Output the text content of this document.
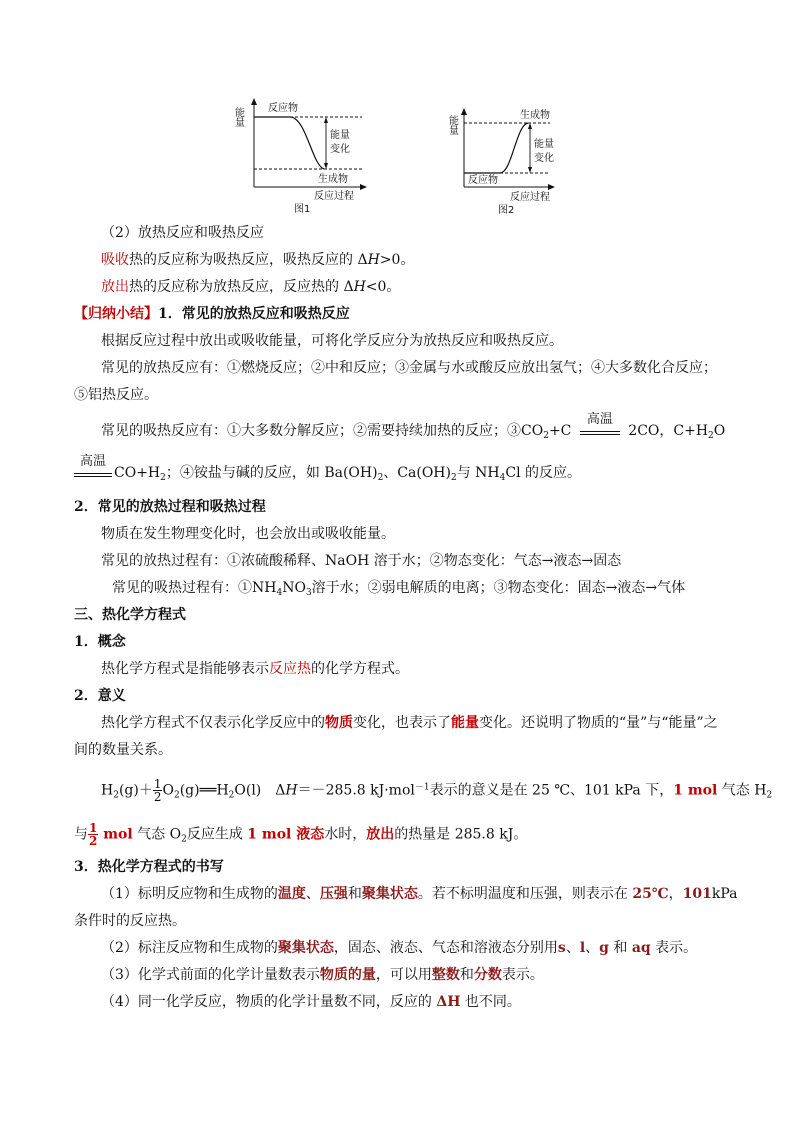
能量 反应物
能量
变化
生成物
反应过程
图1
能量	生成物
能量
变化
反应物
反应过程
图2
（2）放热反应和吸热反应
吸收热的反应称为吸热反应，吸热反应的 ΔH>0。
放出热的反应称为放热反应，反应热的 ΔH<0。
【归纳小结】1．常见的放热反应和吸热反应
根据反应过程中放出或吸收能量，可将化学反应分为放热反应和吸热反应。
常见的放热反应有：①燃烧反应；②中和反应；③金属与水或酸反应放出氢气；④大多数化合反应；
⑤铝热反应。
常见的吸热反应有：①大多数分解反应；②需要持续加热的反应；$③CO_2+C$
高温
2CO，$C+H_2O$
高温
$CO+H_2$；④铵盐与碱的反应，如 $Ba(OH)_2$、$Ca(OH)_2$与 $NH_4Cl$ 的反应。
2．常见的放热过程和吸热过程
物质在发生物理变化时，也会放出或吸收能量。
常见的放热过程有：①浓硫酸稀释、NaOH 溶于水；②物态变化：气态→液态→固态
常见的吸热过程有：$①NH_4NO_3$溶于水；②弱电解质的电离；③物态变化：固态→液态→气体
三、热化学方程式
1．概念
热化学方程式是指能够表示反应热的化学方程式。
2．意义
热化学方程式不仅表示化学反应中的物质变化，也表示了能量变化。还说明了物质的“量”与“能量”之
间的数量关系。
$H_2(g)+ \frac{1}{2}$ $O_2(g)══H_2O(l)$　ΔH＝－285.8 kJ·mol$^{-1}$表示的意义是在 25 ℃、101 kPa 下，1 mol 气态 $H_2$
与 $\frac{1}{2}$ mol 气态 $O_2$反应生成 1 mol 液态水时，放出的热量是 285.8 kJ。
3．热化学方程式的书写
（1）标明反应物和生成物的温度、压强和聚集状态。若不标明温度和压强，则表示在 25℃，101kPa
条件时的反应热。
（2）标注反应物和生成物的聚集状态，固态、液态、气态和溶液态分别用s、l、g 和 aq 表示。
（3）化学式前面的化学计量数表示物质的量，可以用整数和分数表示。
（4）同一化学反应，物质的化学计量数不同，反应的 ΔH 也不同。
